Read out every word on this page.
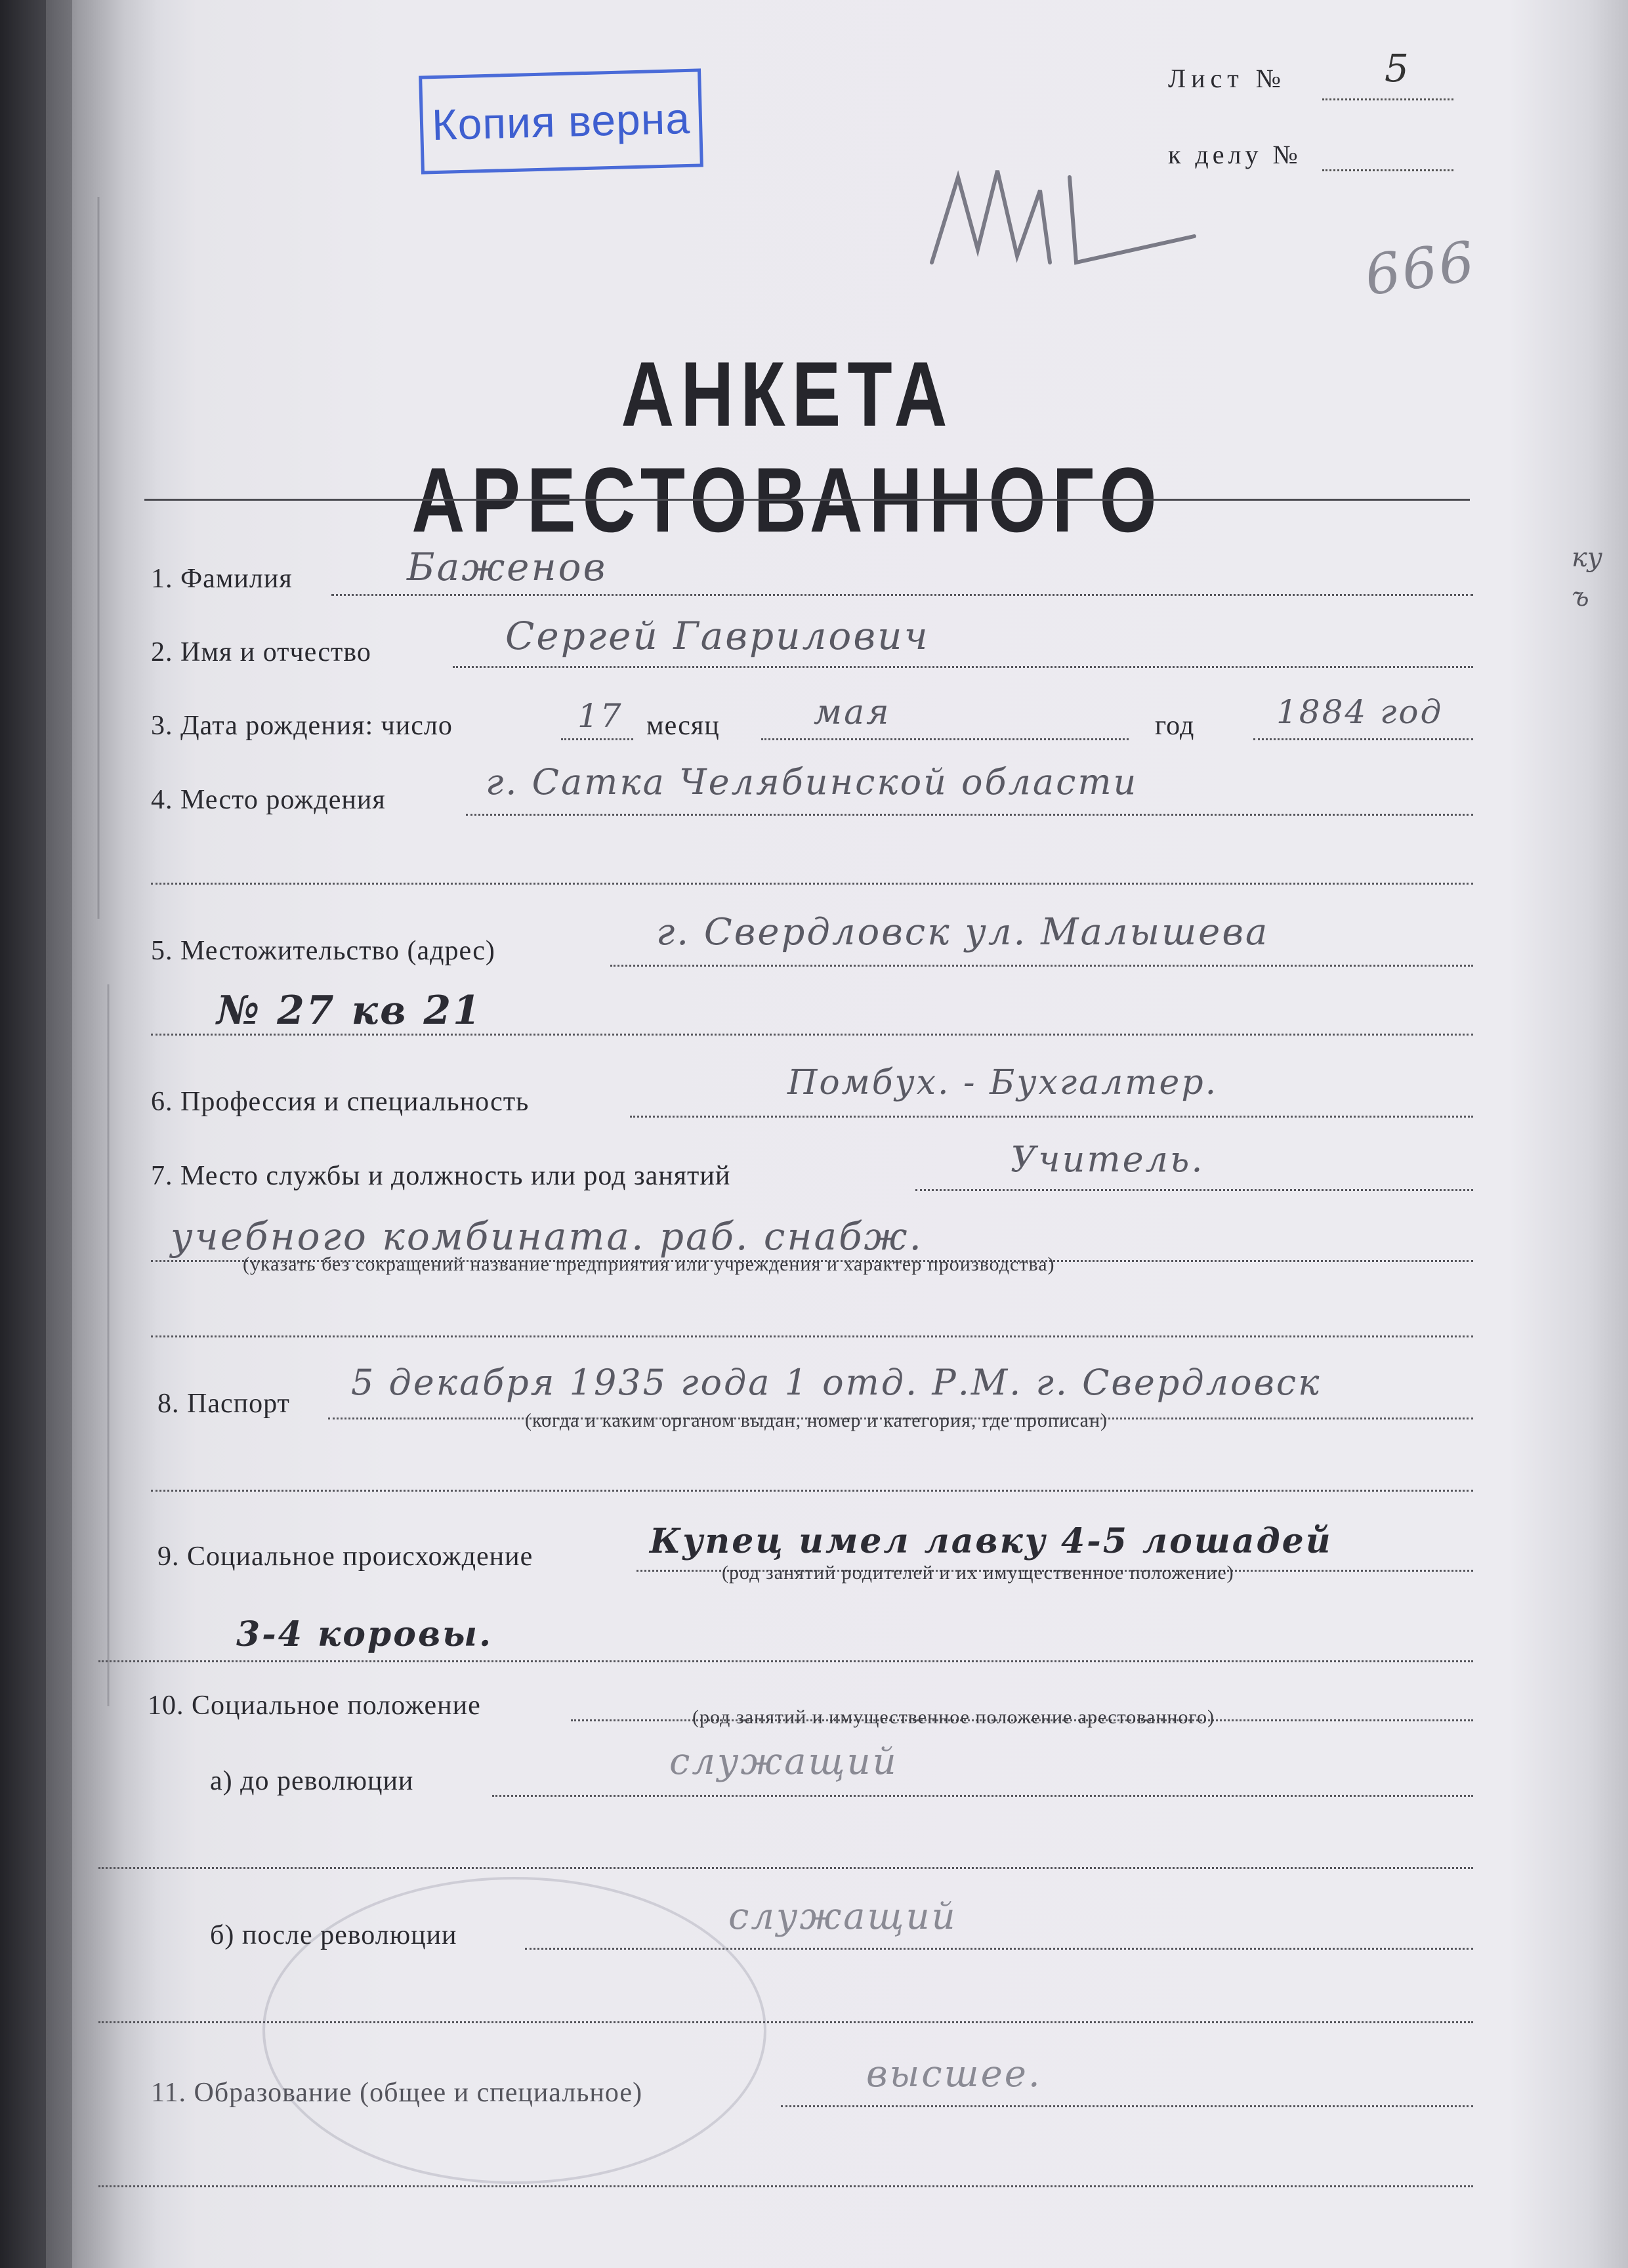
Лист №	5
к делу №
666
Копия верна
АНКЕТА АРЕСТОВАННОГО
1. Фамилия	Баженов
2. Имя и отчество	Сергей Гаврилович
3. Дата рождения: число	17 месяц	мая	год 1884 год
4. Место рождения	г. Сатка Челябинской области
5. Местожительство (адрес)	г. Свердловск ул. Малышева
№ 27 кв 21
6. Профессия и специальность	Помбух. - Бухгалтер.
7. Место службы и должность или род занятий	Учитель.
учебного комбината. раб. снабж.
(указать без сокращений название предприятия или учреждения и характер производства)
8. Паспорт
5 декабря 1935 года 1 отд. Р.М. г. Свердловск
(когда и каким органом выдан, номер и категория, где прописан)
9. Социальное происхождение	Купец имел лавку 4-5 лошадей
(род занятий родителей и их имущественное положение)
3-4 коровы.
10. Социальное положение	(род занятий и имущественное положение арестованного)
а) до революции	служащий
б) после революции	служащий
11. Образование (общее и специальное)	высшее.
ку
ъ
